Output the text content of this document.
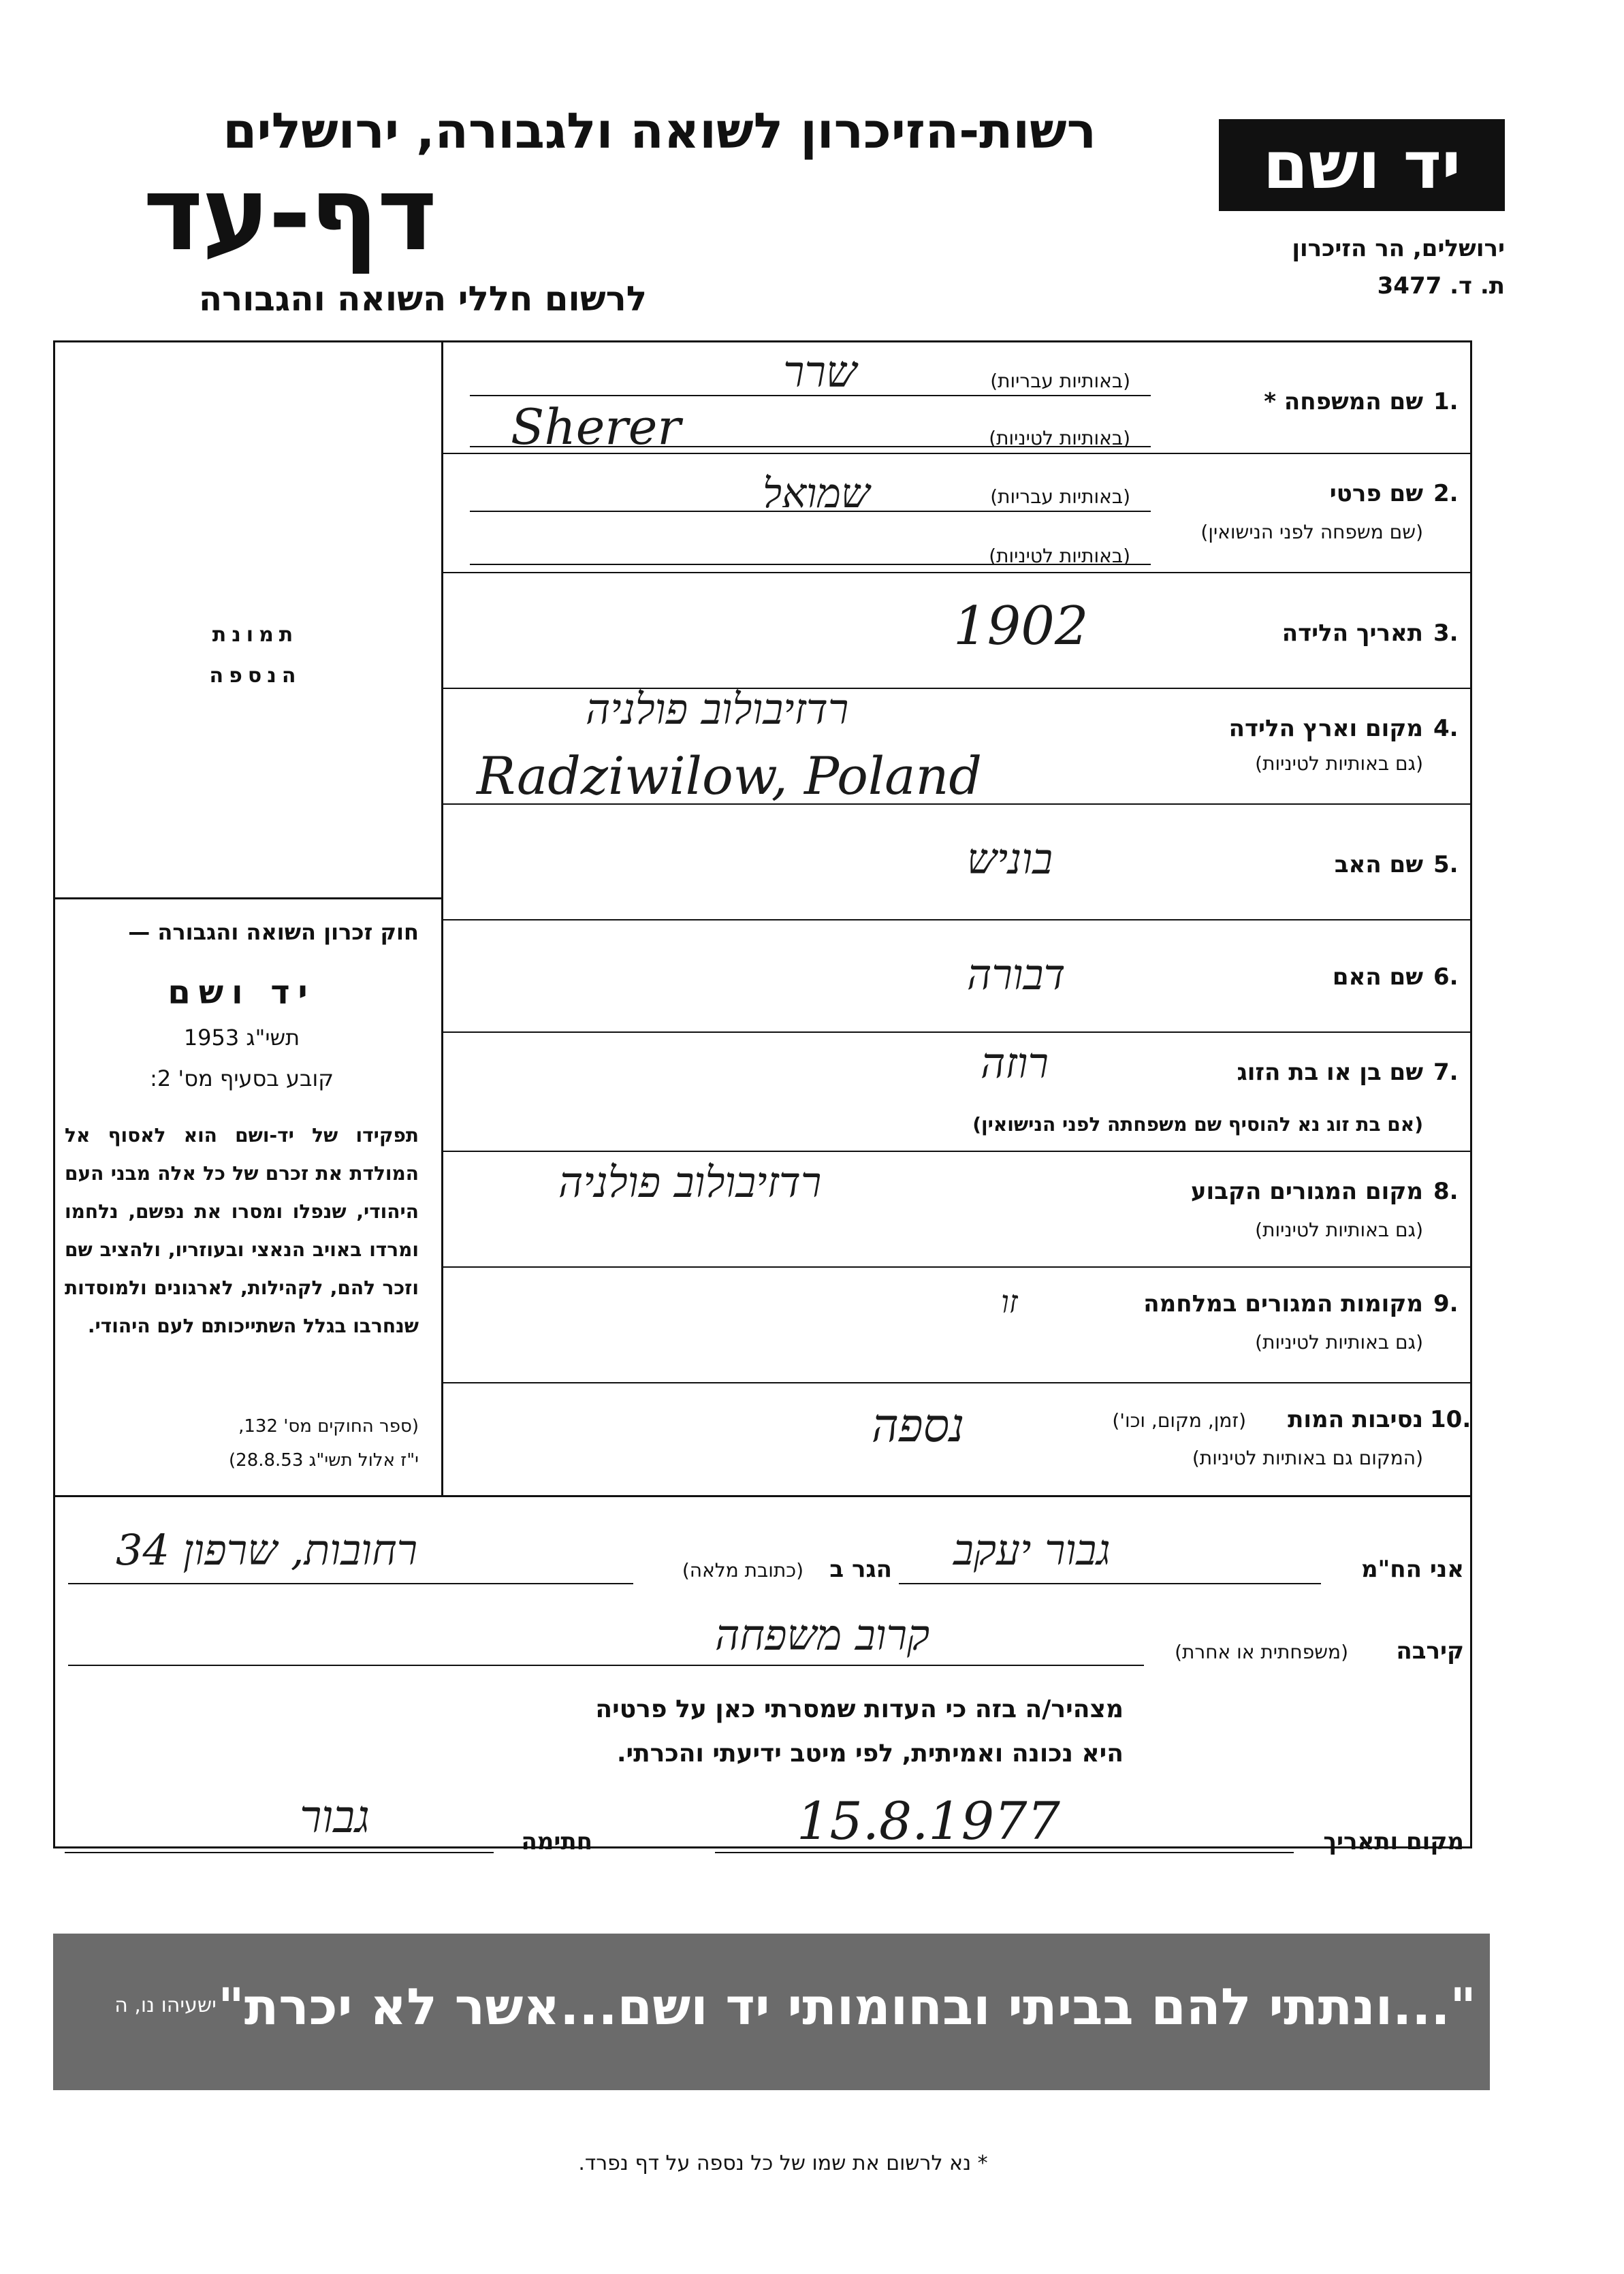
רשות-הזיכרון לשואה ולגבורה, ירושלים
דף-עד
לרשום חללי השואה והגבורה
יד ושם
ירושלים, הר הזיכרון
ת. ד. 3477
תמונת
הנספה
חוק זכרון השואה והגבורה —
יד ושם
תשי"ג 1953
קובע בסעיף מס' 2:
תפקידו של יד-ושם הוא לאסוף אל המולדת את זכרם של כל אלה מבני העם היהודי, שנפלו ומסרו את נפשם, נלחמו ומרדו באויב הנאצי ובעוזריו, ולהציב שם וזכר להם, לקהילות, לארגונים ולמוסדות שנחרבו בגלל השתייכותם לעם היהודי.
(ספר החוקים מס' 132,
י"ז אלול תשי"ג 28.8.53)
1.
שם המשפחה *
(באותיות עבריות)
(באותיות לטיניות)
שרר
Sherer
2.
שם פרטי
(שם משפחה לפני הנישואין)
(באותיות עבריות)
(באותיות לטיניות)
שמואל
3.
תאריך הלידה
1902
4.
מקום וארץ הלידה
(גם באותיות לטיניות)
רדזיבולוב פולניה
Radziwilow, Poland
5.
שם האב
בוניש
6.
שם האם
דבורה
7.
שם בן או בת הזוג
(אם בת זוג נא להוסיף שם משפחתה לפני הנישואין)
רוזה
8.
מקום המגורים הקבוע
(גם באותיות לטיניות)
רדזיבולוב פולניה
9.
מקומות המגורים במלחמה
(גם באותיות לטיניות)
זו
10.
נסיבות המות
(זמן, מקום, וכו')
(המקום גם באותיות לטיניות)
נספה
אני הח"מ
גבור יעקב
הגר ב
(כתובת מלאה)
רחובות, שרפון 34
קירבה
(משפחתית או אחרת)
קרוב משפחה
מצהיר/ה בזה כי העדות שמסרתי כאן על פרטיה
היא נכונה ואמיתית, לפי מיטב ידיעתי והכרתי.
מקום ותאריך
15.8.1977
חתימה
גבור
"...ונתתי להם בביתי ובחומותי יד ושם...אשר לא יכרת"
ישעיהו נו, ה
* נא לרשום את שמו של כל נספה על דף נפרד.
